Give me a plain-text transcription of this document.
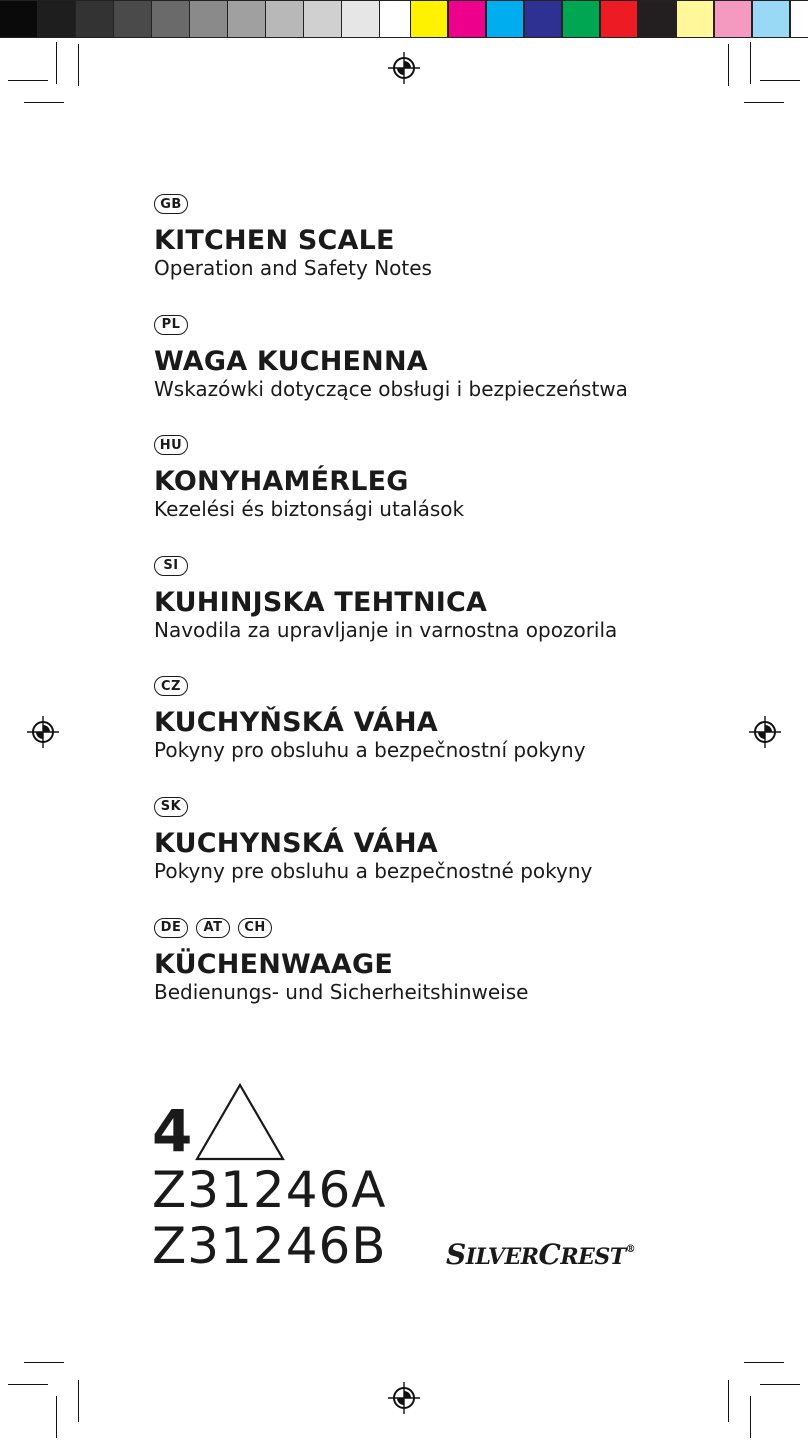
GB
KITCHEN SCALE
Operation and Safety Notes
PL
WAGA KUCHENNA
Wskazówki dotyczące obsługi i bezpieczeństwa
HU
KONYHAMÉRLEG
Kezelési és biztonsági utalások
SI
KUHINJSKA TEHTNICA
Navodila za upravljanje in varnostna opozorila
CZ
KUCHYŇSKÁ VÁHA
Pokyny pro obsluhu a bezpečnostní pokyny
SK
KUCHYNSKÁ VÁHA
Pokyny pre obsluhu a bezpečnostné pokyny
DE	AT	CH
KÜCHENWAAGE
Bedienungs- und Sicherheitshinweise
4
Z31246A
Z31246B SILVERCREST®
